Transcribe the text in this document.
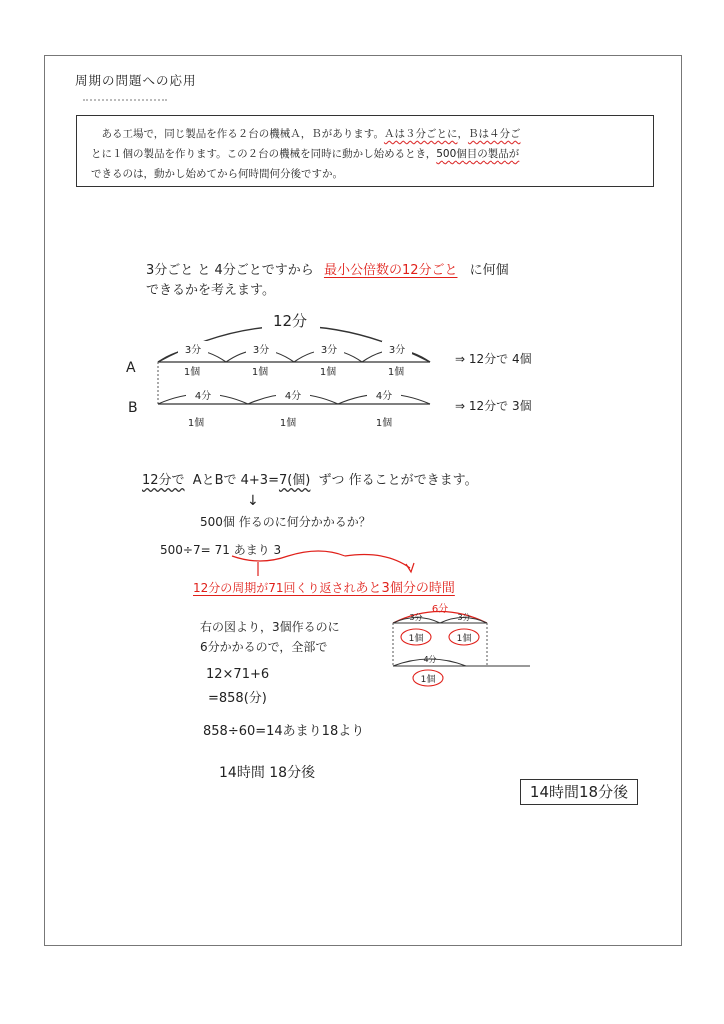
周期の問題への応用

ある工場で，同じ製品を作る２台の機械Ａ，Ｂがあります。Ａは３分ごとに，Ｂは４分ご
とに１個の製品を作ります。この２台の機械を同時に動かし始めるとき，500個目の製品が
できるのは，動かし始めてから何時間何分後ですか。

3分ごと と 4分ごとですから 最小公倍数の12分ごと に何個
できるかを考えます。
12分
A
3分	3分	3分	3分
1個	1個	1個	1個
⇒ 12分で 4個
B
4分	4分	4分
1個	1個	1個
⇒ 12分で 3個
6分
3分	3分
1個	1個
4分
1個
12分で AとBで 4+3=7(個) ずつ 作ることができます。
↓
500個 作るのに何分かかるか？
500÷7= 71 あまり 3
12分の周期が71回くり返されあと3個分の時間
右の図より，3個作るのに
6分かかるので，全部で
12×71+6
=858(分)
858÷60=14あまり18より
14時間 18分後
14時間18分後
